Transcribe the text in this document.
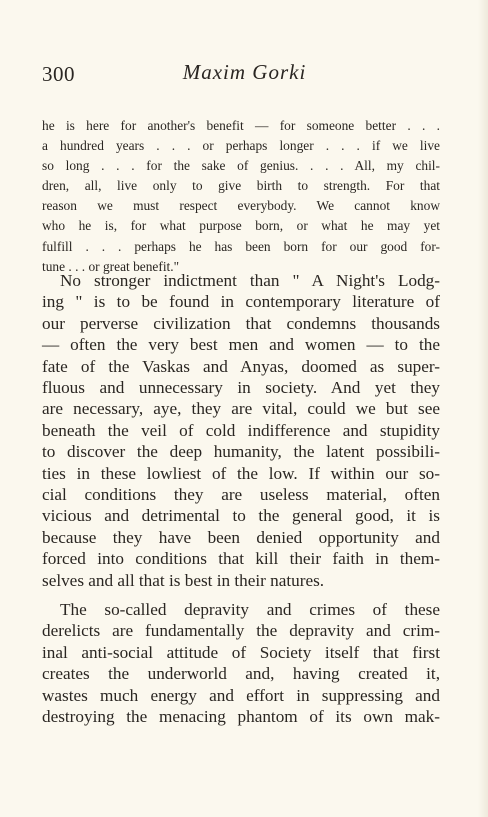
300	Maxim Gorki
he is here for another's benefit — for someone better . . .
a hundred years . . . or perhaps longer . . . if we live
so long . . . for the sake of genius. . . . All, my chil-
dren, all, live only to give birth to strength. For that
reason we must respect everybody. We cannot know
who he is, for what purpose born, or what he may yet
fulfill . . . perhaps he has been born for our good for-
tune . . . or great benefit."
No stronger indictment than " A Night's Lodg-
ing " is to be found in contemporary literature of
our perverse civilization that condemns thousands
— often the very best men and women — to the
fate of the Vaskas and Anyas, doomed as super-
fluous and unnecessary in society. And yet they
are necessary, aye, they are vital, could we but see
beneath the veil of cold indifference and stupidity
to discover the deep humanity, the latent possibili-
ties in these lowliest of the low. If within our so-
cial conditions they are useless material, often
vicious and detrimental to the general good, it is
because they have been denied opportunity and
forced into conditions that kill their faith in them-
selves and all that is best in their natures.
The so-called depravity and crimes of these
derelicts are fundamentally the depravity and crim-
inal anti-social attitude of Society itself that first
creates the underworld and, having created it,
wastes much energy and effort in suppressing and
destroying the menacing phantom of its own mak-
